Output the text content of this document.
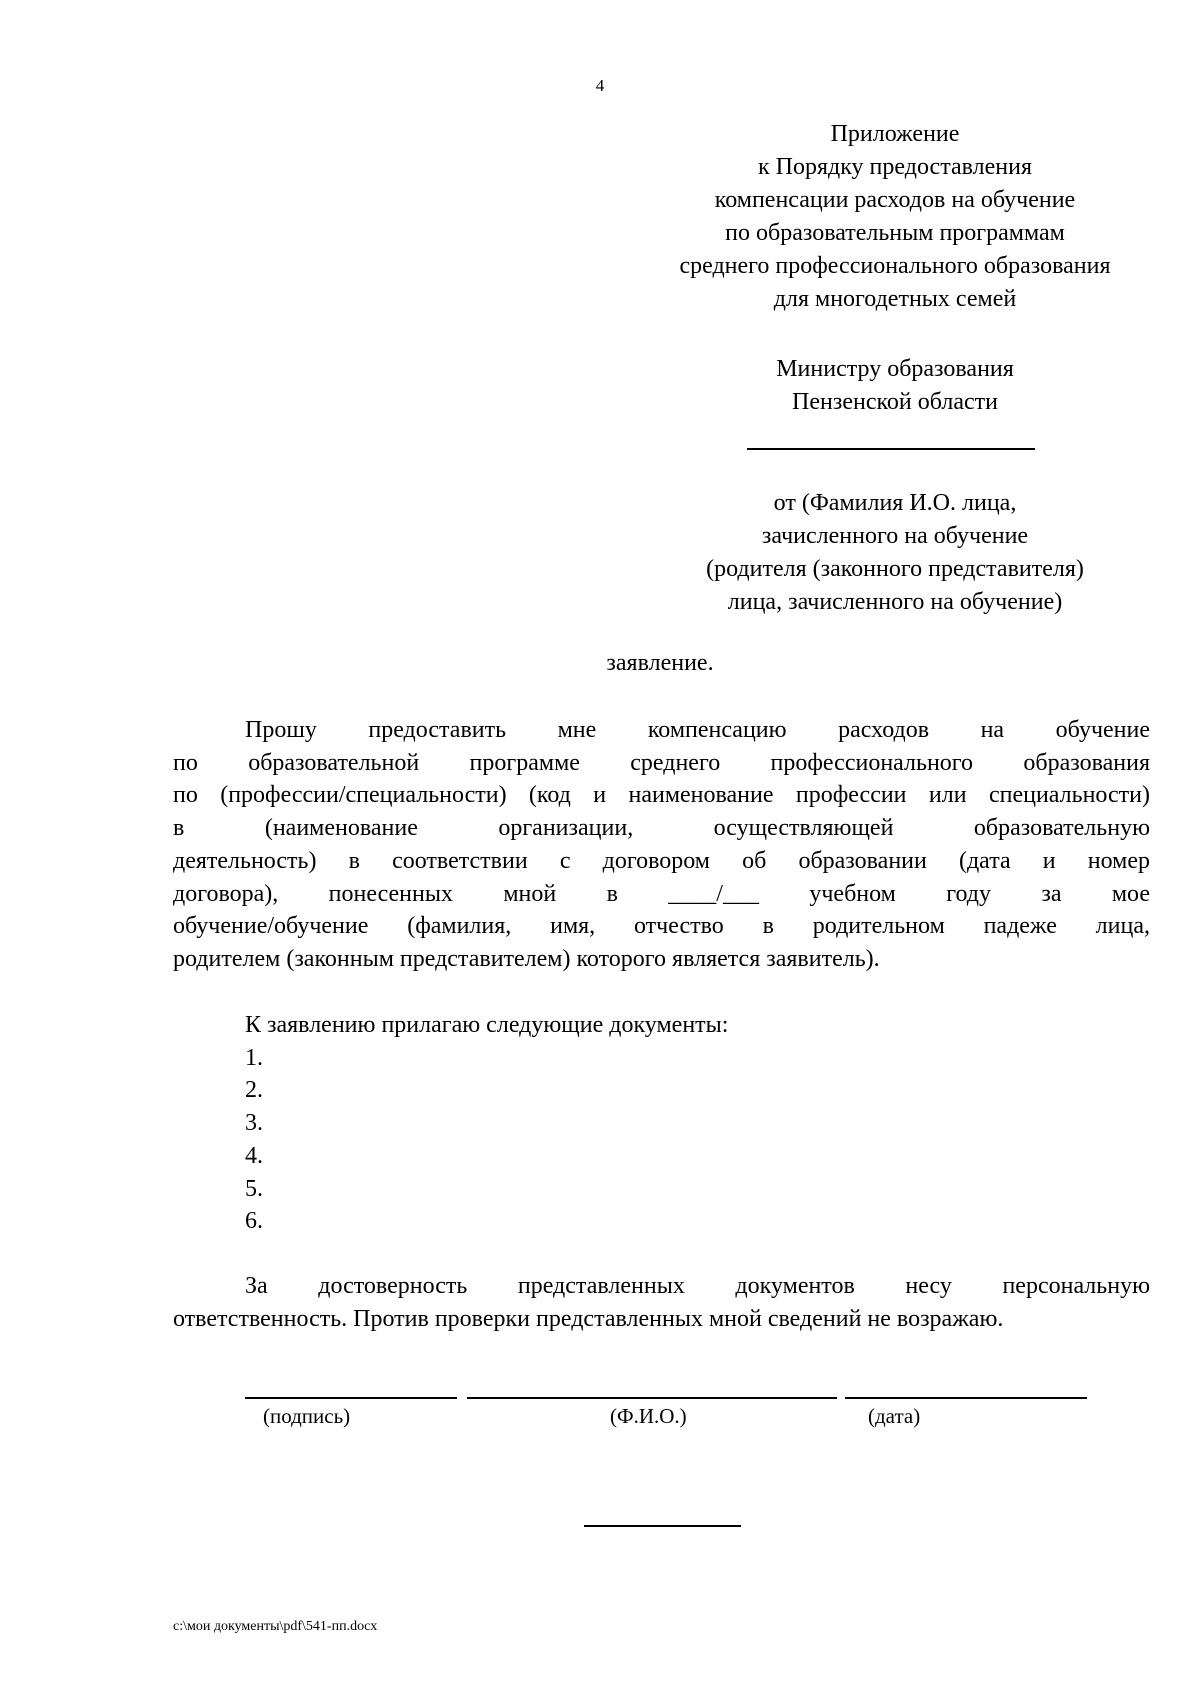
4
Приложение
к Порядку предоставления
компенсации расходов на обучение
по образовательным программам
среднего профессионального образования
для многодетных семей
Министру образования
Пензенской области
от (Фамилия И.О. лица,
зачисленного на обучение
(родителя (законного представителя)
лица, зачисленного на обучение)
заявление.
Прошу предоставить мне компенсацию расходов на обучение
по образовательной программе среднего профессионального образования
по (профессии/специальности) (код и наименование профессии или специальности)
в (наименование организации, осуществляющей образовательную
деятельность) в соответствии с договором об образовании (дата и номер
договора), понесенных мной в ____/___ учебном году за мое
обучение/обучение (фамилия, имя, отчество в родительном падеже лица,
родителем (законным представителем) которого является заявитель).
К заявлению прилагаю следующие документы:
1.
2.
3.
4.
5.
6.
За достоверность представленных документов несу персональную
ответственность. Против проверки представленных мной сведений не возражаю.
(подпись)	(Ф.И.О.)	(дата)
c:\мои документы\pdf\541-пп.docx
